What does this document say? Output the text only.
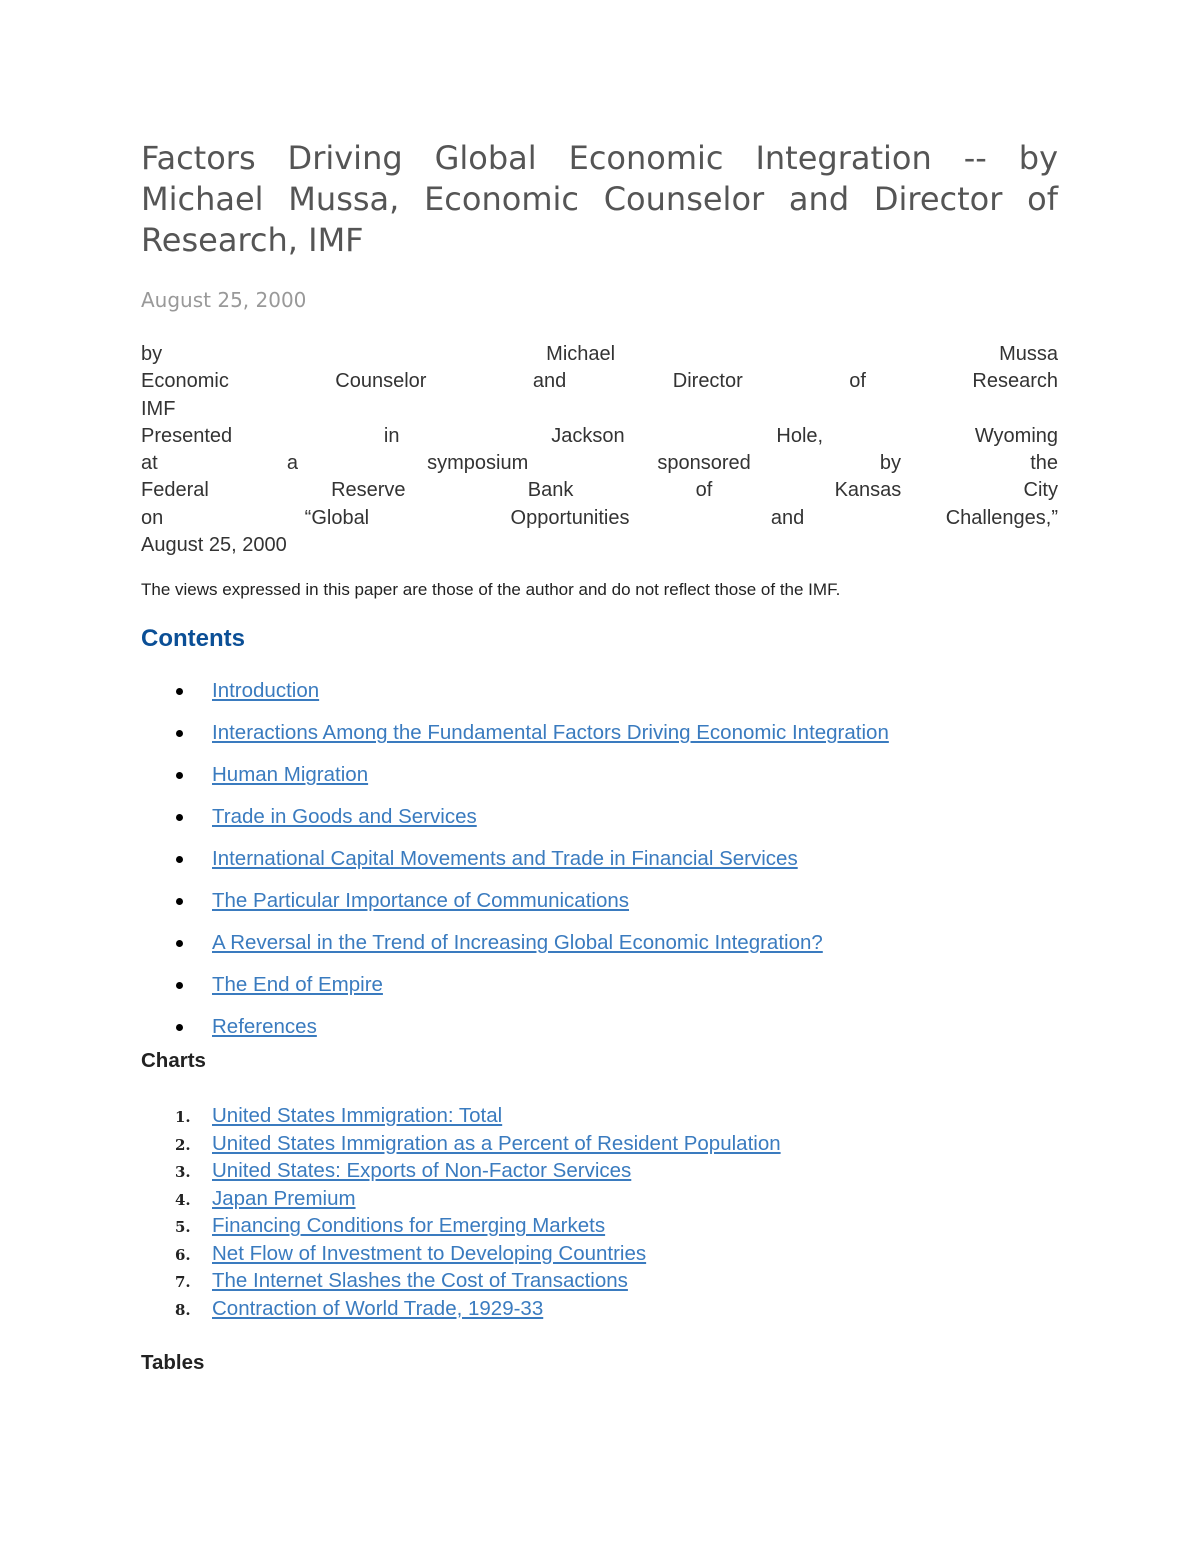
Factors Driving Global Economic Integration -- by Michael Mussa, Economic Counselor and Director of Research, IMF
August 25, 2000
by	Michael	Mussa
Economic	Counselor	and	Director	of	Research
IMF
Presented	in	Jackson	Hole,	Wyoming
at	a	symposium	sponsored	by	the
Federal	Reserve	Bank	of	Kansas	City
on	“Global	Opportunities	and	Challenges,”
August 25, 2000

The views expressed in this paper are those of the author and do not reflect those of the IMF.

Contents
Introduction
Interactions Among the Fundamental Factors Driving Economic Integration
Human Migration
Trade in Goods and Services
International Capital Movements and Trade in Financial Services
The Particular Importance of Communications
A Reversal in the Trend of Increasing Global Economic Integration?
The End of Empire
References
Charts
1. United States Immigration: Total
2. United States Immigration as a Percent of Resident Population
3. United States: Exports of Non-Factor Services
4. Japan Premium
5. Financing Conditions for Emerging Markets
6. Net Flow of Investment to Developing Countries
7. The Internet Slashes the Cost of Transactions
8. Contraction of World Trade, 1929-33
Tables
